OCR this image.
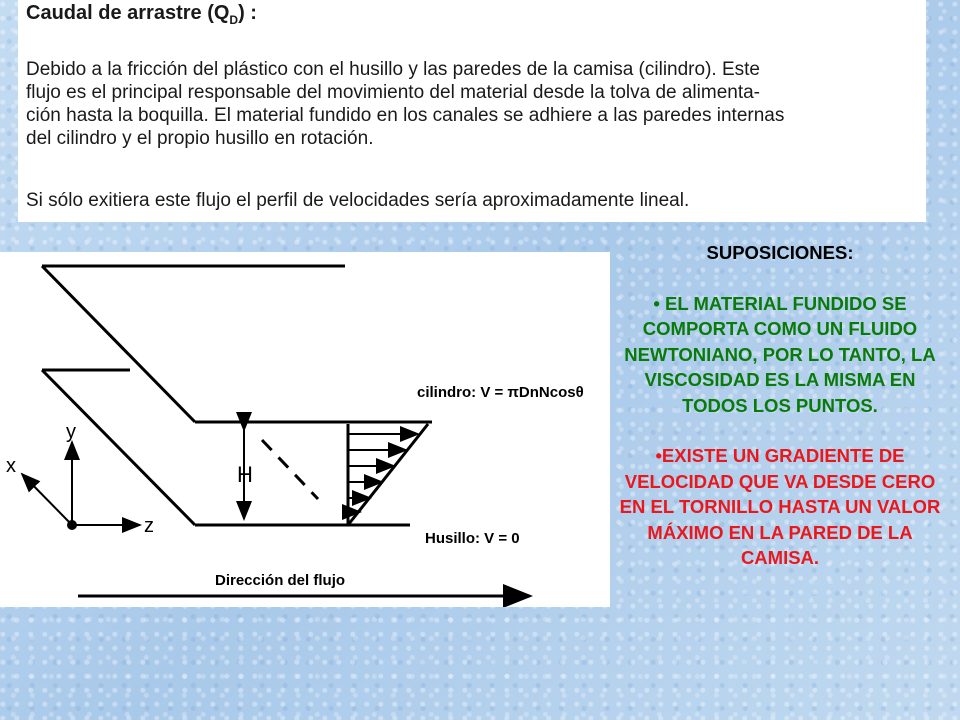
Caudal de arrastre $(Q_D)$ :
Debido a la fricción del plástico con el husillo y las paredes de la camisa (cilindro). Este
flujo es el principal responsable del movimiento del material desde la tolva de alimenta-
ción hasta la boquilla. El material fundido en los canales se adhiere a las paredes internas
del cilindro y el propio husillo en rotación.
Si sólo exitiera este flujo el perfil de velocidades sería aproximadamente lineal.
H
y
x
z
cilindro: V = πDnNcosθ
Husillo: V = 0
Dirección del flujo
SUPOSICIONES:
• EL MATERIAL FUNDIDO SE COMPORTA COMO UN FLUIDO NEWTONIANO, POR LO TANTO, LA VISCOSIDAD ES LA MISMA EN TODOS LOS PUNTOS.
•EXISTE UN GRADIENTE DE VELOCIDAD QUE VA DESDE CERO EN EL TORNILLO HASTA UN VALOR MÁXIMO EN LA PARED DE LA CAMISA.
